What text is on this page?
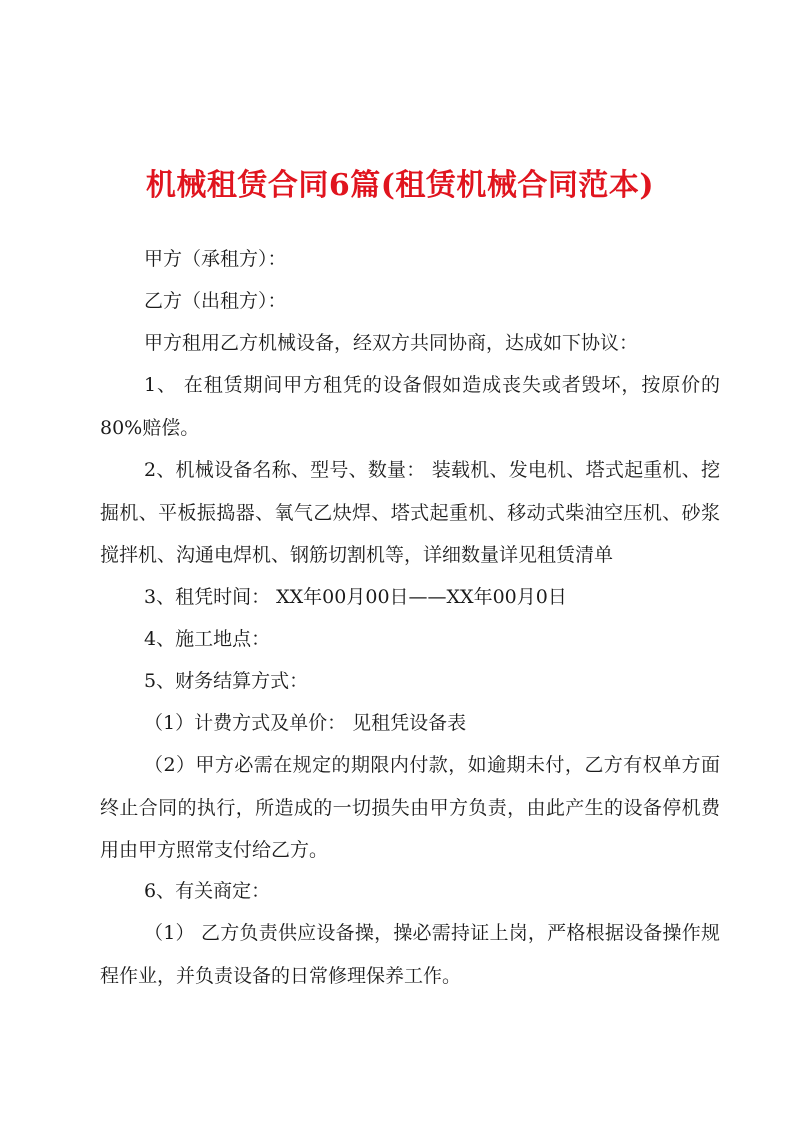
机械租赁合同6篇(租赁机械合同范本)
甲方（承租方）：
乙方（出租方）：
甲方租用乙方机械设备，经双方共同协商，达成如下协议：
1、 在租赁期间甲方租凭的设备假如造成丧失或者毁坏，按原价的80%赔偿。
2、机械设备名称、型号、数量： 装载机、发电机、塔式起重机、挖掘机、平板振捣器、氧气乙炔焊、塔式起重机、移动式柴油空压机、砂浆搅拌机、沟通电焊机、钢筋切割机等，详细数量详见租赁清单
3、租凭时间： XX年00月00日——XX年00月0日
4、施工地点：
5、财务结算方式：
（1）计费方式及单价： 见租凭设备表
（2）甲方必需在规定的期限内付款，如逾期未付，乙方有权单方面终止合同的执行，所造成的一切损失由甲方负责，由此产生的设备停机费用由甲方照常支付给乙方。
6、有关商定：
（1） 乙方负责供应设备操，操必需持证上岗，严格根据设备操作规程作业，并负责设备的日常修理保养工作。
